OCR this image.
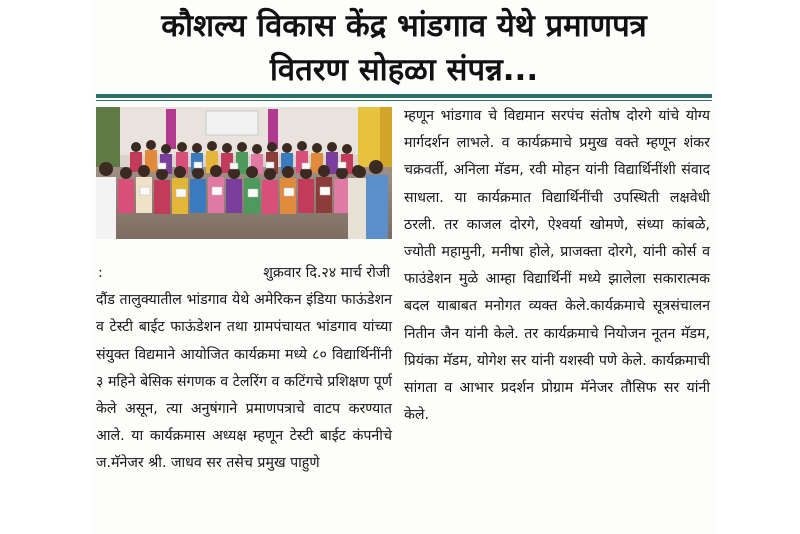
कौशल्य विकास केंद्र भांडगाव येथे प्रमाणपत्र
वितरण सोहळा संपन्न...
:	शुक्रवार दि.२४ मार्च रोजी

दौंड तालुक्यातील भांडगाव येथे अमेरिकन इंडिया फाऊंडेशन व टेस्टी बाईट फाऊंडेशन तथा ग्रामपंचायत भांडगाव यांच्या संयुक्त विद्यमाने आयोजित कार्यक्रमा मध्ये ८० विद्यार्थिनींनी ३ महिने बेसिक संगणक व टेलरिंग व कटिंगचे प्रशिक्षण पूर्ण केले असून, त्या अनुषंगाने प्रमाणपत्राचे वाटप करण्यात आले. या कार्यक्रमास अध्यक्ष म्हणून टेस्टी बाईट कंपनीचे ज.मॅनेजर श्री. जाधव सर तसेच प्रमुख पाहुणे

म्हणून भांडगाव चे विद्यमान सरपंच संतोष दोरगे यांचे योग्य मार्गदर्शन लाभले. व कार्यक्रमाचे प्रमुख वक्ते म्हणून शंकर चक्रवर्ती, अनिला मॅडम, रवी मोहन यांनी विद्यार्थिनींशी संवाद साधला. या कार्यक्रमात विद्यार्थिनींची उपस्थिती लक्षवेधी ठरली. तर काजल दोरगे, ऐश्वर्या खोमणे, संध्या कांबळे, ज्योती महामुनी, मनीषा होले, प्राजक्ता दोरगे, यांनी कोर्स व फाउंडेशन मुळे आम्हा विद्यार्थिनीं मध्ये झालेला सकारात्मक बदल याबाबत मनोगत व्यक्त केले.कार्यक्रमाचे सूत्रसंचालन नितीन जैन यांनी केले. तर कार्यक्रमाचे नियोजन नूतन मॅडम, प्रियंका मॅडम, योगेश सर यांनी यशस्वी पणे केले. कार्यक्रमाची सांगता व आभार प्रदर्शन प्रोग्राम मॅनेजर तौसिफ सर यांनी केले.
